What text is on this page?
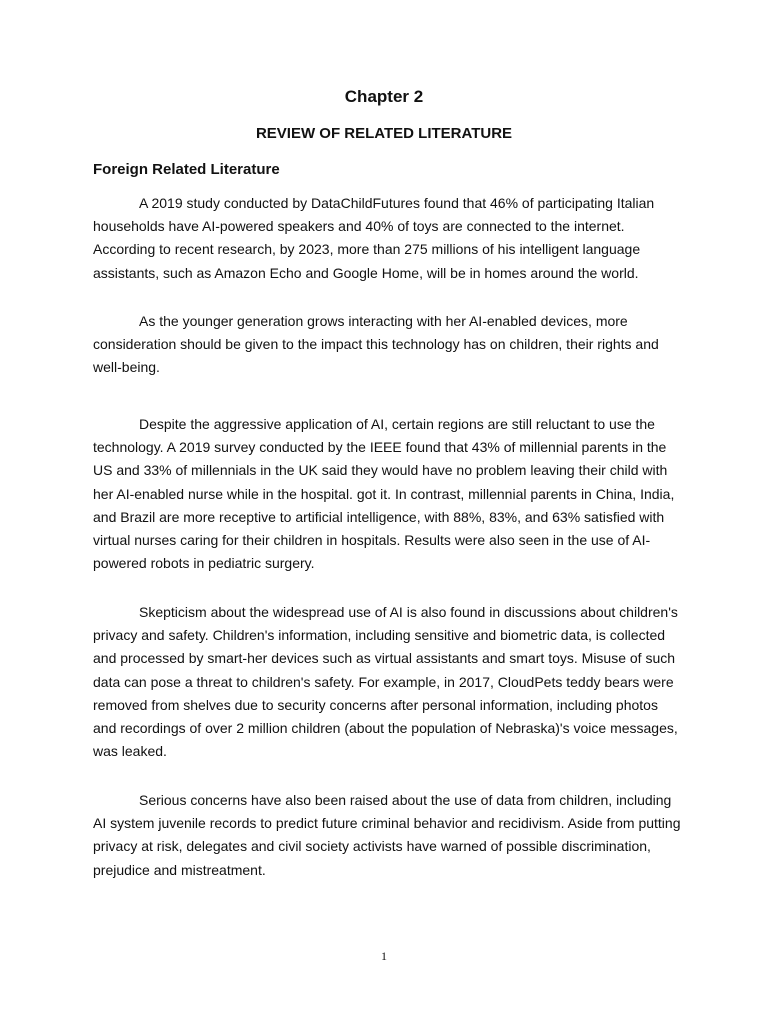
Chapter 2
REVIEW OF RELATED LITERATURE
Foreign Related Literature

A 2019 study conducted by DataChildFutures found that 46% of participating Italian households have AI-powered speakers and 40% of toys are connected to the internet. According to recent research, by 2023, more than 275 millions of his intelligent language assistants, such as Amazon Echo and Google Home, will be in homes around the world.

As the younger generation grows interacting with her AI-enabled devices, more consideration should be given to the impact this technology has on children, their rights and well-being.

Despite the aggressive application of AI, certain regions are still reluctant to use the technology. A 2019 survey conducted by the IEEE found that 43% of millennial parents in the US and 33% of millennials in the UK said they would have no problem leaving their child with her AI-enabled nurse while in the hospital. got it. In contrast, millennial parents in China, India, and Brazil are more receptive to artificial intelligence, with 88%, 83%, and 63% satisfied with virtual nurses caring for their children in hospitals. Results were also seen in the use of AI-powered robots in pediatric surgery.

Skepticism about the widespread use of AI is also found in discussions about children's privacy and safety. Children's information, including sensitive and biometric data, is collected and processed by smart-her devices such as virtual assistants and smart toys. Misuse of such data can pose a threat to children's safety. For example, in 2017, CloudPets teddy bears were removed from shelves due to security concerns after personal information, including photos and recordings of over 2 million children (about the population of Nebraska)'s voice messages, was leaked.

Serious concerns have also been raised about the use of data from children, including AI system juvenile records to predict future criminal behavior and recidivism. Aside from putting privacy at risk, delegates and civil society activists have warned of possible discrimination, prejudice and mistreatment.

1
